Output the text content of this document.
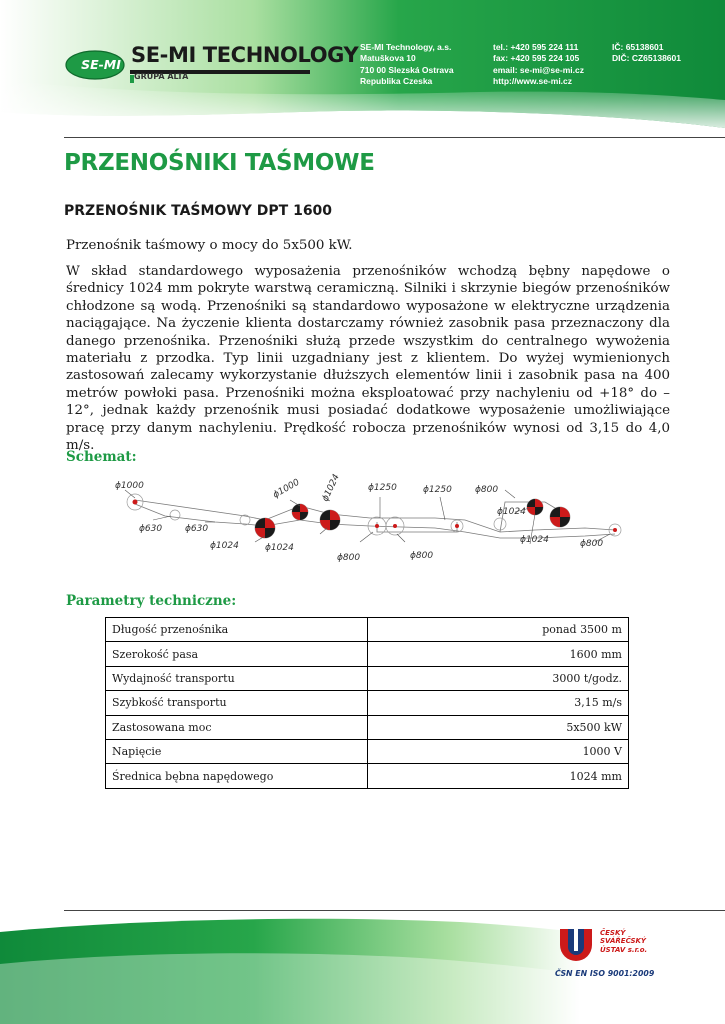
SE-MI SE-MI TECHNOLOGY
GRUPA ALTA
SE-MI Technology, a.s.
Matuškova 10
710 00 Slezská Ostrava
Republika Czeska
tel.: +420 595 224 111
fax: +420 595 224 105
email: se-mi@se-mi.cz
http://www.se-mi.cz
IČ: 65138601
DIČ: CZ65138601
PRZENOŚNIKI TAŚMOWE
PRZENOŚNIK TAŚMOWY DPT 1600

Przenośnik taśmowy o mocy do 5x500 kW.

W skład standardowego wyposażenia przenośników wchodzą bębny napędowe o średnicy 1024 mm pokryte warstwą ceramiczną. Silniki i skrzynie biegów przenośników chłodzone są wodą. Przenośniki są standardowo wyposażone w elektryczne urządzenia naciągające. Na życzenie klienta dostarczamy również zasobnik pasa przeznaczony dla danego przenośnika. Przenośniki służą przede wszystkim do centralnego wywożenia materiału z przodka. Typ linii uzgadniany jest z klientem. Do wyżej wymienionych zastosowań zalecamy wykorzystanie dłuższych elementów linii i zasobnik pasa na 400 metrów powłoki pasa. Przenośniki można eksploatować przy nachyleniu od +18° do – 12°, jednak każdy przenośnik musi posiadać dodatkowe wyposażenie umożliwiające pracę przy danym nachyleniu. Prędkość robocza przenośników wynosi od 3,15 do 4,0 m/s.

Schemat:
ϕ1000
ϕ630	ϕ630
ϕ1024
ϕ1000
ϕ1024
ϕ1024
ϕ800
ϕ1250	ϕ1250	ϕ800
ϕ800
ϕ1024
ϕ1024	ϕ800
Parametry techniczne:
Długość przenośnika	ponad 3500 m
Szerokość pasa	1600 mm
Wydajność transportu	3000 t/godz.
Szybkość transportu	3,15 m/s
Zastosowana moc	5x500 kW
Napięcie	1000 V
Średnica bębna napędowego	1024 mm
ČESKÝ
SVÁŘEČSKÝ
ÚSTAV s.r.o.
ČSN EN ISO 9001:2009
